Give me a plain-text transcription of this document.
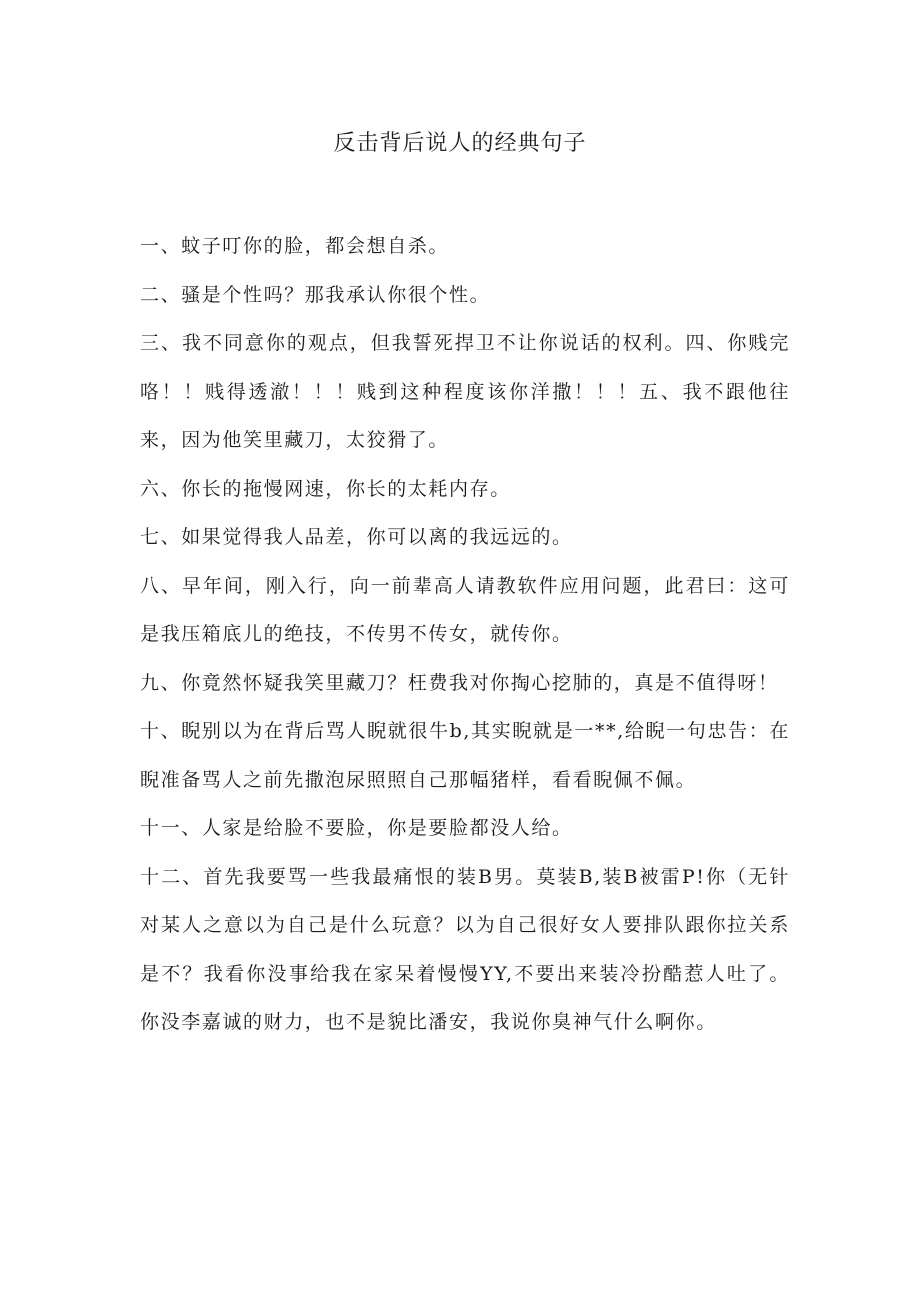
反击背后说人的经典句子

一、蚊子叮你的脸，都会想自杀。

二、骚是个性吗？那我承认你很个性。

三、我不同意你的观点，但我誓死捍卫不让你说话的权利。四、你贱完咯！！贱得透澈！！！贱到这种程度该你洋撒！！！五、我不跟他往来，因为他笑里藏刀，太狡猾了。

六、你长的拖慢网速，你长的太耗内存。

七、如果觉得我人品差，你可以离的我远远的。

八、早年间，刚入行，向一前辈高人请教软件应用问题，此君曰：这可是我压箱底儿的绝技，不传男不传女，就传你。

九、你竟然怀疑我笑里藏刀？枉费我对你掏心挖肺的，真是不值得呀！

十、睨别以为在背后骂人睨就很牛b,其实睨就是一**,给睨一句忠告：在睨准备骂人之前先撒泡尿照照自己那幅猪样，看看睨佩不佩。

十一、人家是给脸不要脸，你是要脸都没人给。

十二、首先我要骂一些我最痛恨的装B男。莫装B,装B被雷P!你（无针对某人之意以为自己是什么玩意？以为自己很好女人要排队跟你拉关系是不？我看你没事给我在家呆着慢慢YY,不要出来装冷扮酷惹人吐了。你没李嘉诚的财力，也不是貌比潘安，我说你臭神气什么啊你。
